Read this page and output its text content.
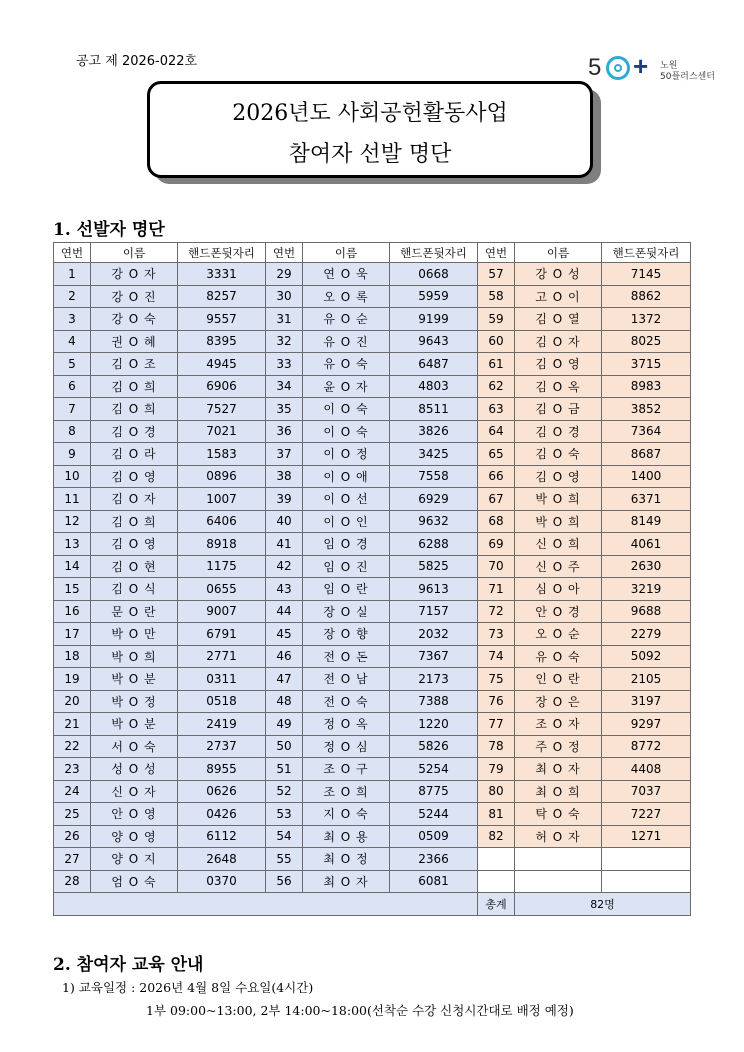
공고 제 2026-022호	5 + 노원
50플러스센터
2026년도 사회공헌활동사업
참여자 선발 명단
1. 선발자 명단
연번	이름	핸드폰뒷자리	연번	이름	핸드폰뒷자리	연번	이름	핸드폰뒷자리
1	강 O 자	3331	29	연 O 욱	0668	57	강 O 성	7145
2	강 O 진	8257	30	오 O 록	5959	58	고 O 이	8862
3	강 O 숙	9557	31	유 O 순	9199	59	김 O 열	1372
4	권 O 혜	8395	32	유 O 진	9643	60	김 O 자	8025
5	김 O 조	4945	33	유 O 숙	6487	61	김 O 영	3715
6	김 O 희	6906	34	윤 O 자	4803	62	김 O 옥	8983
7	김 O 희	7527	35	이 O 숙	8511	63	김 O 금	3852
8	김 O 경	7021	36	이 O 숙	3826	64	김 O 경	7364
9	김 O 라	1583	37	이 O 정	3425	65	김 O 숙	8687
10	김 O 영	0896	38	이 O 애	7558	66	김 O 영	1400
11	김 O 자	1007	39	이 O 선	6929	67	박 O 희	6371
12	김 O 희	6406	40	이 O 인	9632	68	박 O 희	8149
13	김 O 영	8918	41	임 O 경	6288	69	신 O 희	4061
14	김 O 현	1175	42	임 O 진	5825	70	신 O 주	2630
15	김 O 식	0655	43	임 O 란	9613	71	심 O 아	3219
16	문 O 란	9007	44	장 O 실	7157	72	안 O 경	9688
17	박 O 만	6791	45	장 O 향	2032	73	오 O 순	2279
18	박 O 희	2771	46	전 O 돈	7367	74	유 O 숙	5092
19	박 O 분	0311	47	전 O 남	2173	75	인 O 란	2105
20	박 O 정	0518	48	전 O 숙	7388	76	장 O 은	3197
21	박 O 분	2419	49	정 O 옥	1220	77	조 O 자	9297
22	서 O 숙	2737	50	정 O 심	5826	78	주 O 정	8772
23	성 O 성	8955	51	조 O 구	5254	79	최 O 자	4408
24	신 O 자	0626	52	조 O 희	8775	80	최 O 희	7037
25	안 O 영	0426	53	지 O 숙	5244	81	탁 O 숙	7227
26	양 O 영	6112	54	최 O 용	0509	82	허 O 자	1271
27	양 O 지	2648	55	최 O 정	2366			
28	엄 O 숙	0370	56	최 O 자	6081			
						총계	82명	
2. 참여자 교육 안내
1) 교육일정 : 2026년 4월 8일 수요일(4시간)
1부 09:00~13:00, 2부 14:00~18:00(선착순 수강 신청시간대로 배정 예정)
